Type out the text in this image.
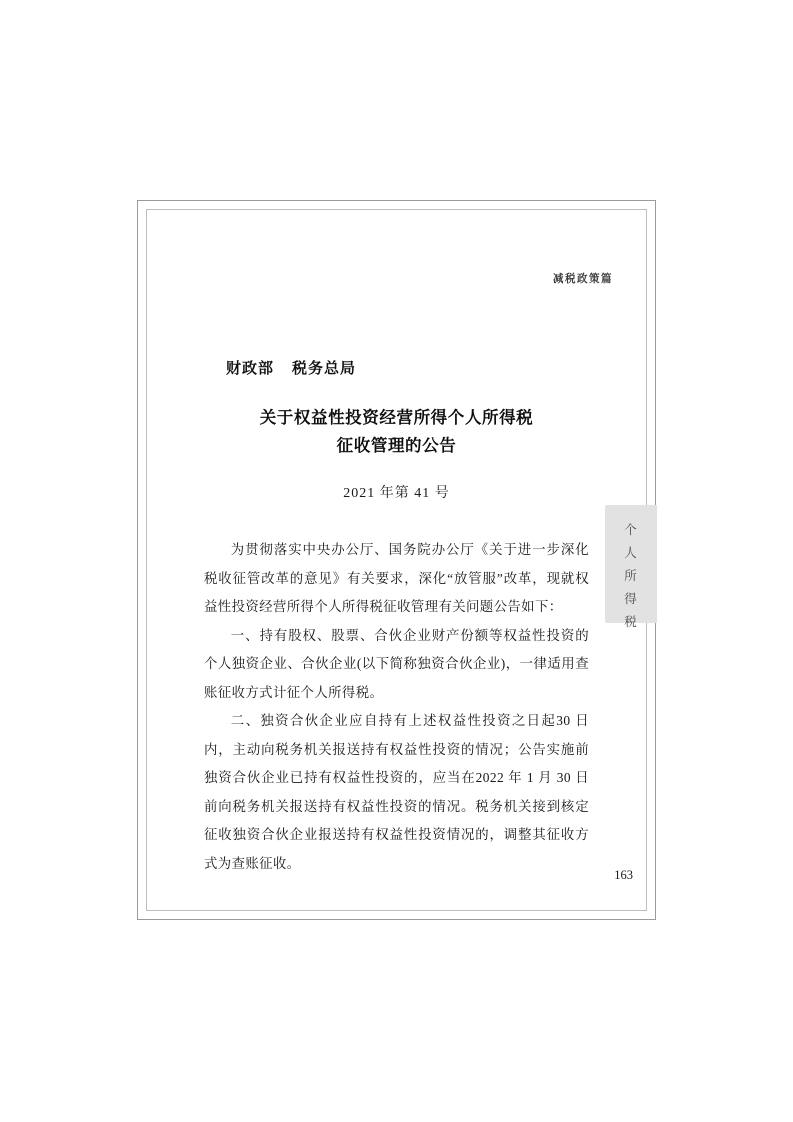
减税政策篇
财政部 税务总局
关于权益性投资经营所得个人所得税
征收管理的公告
2021 年第 41 号

为贯彻落实中央办公厅、国务院办公厅《关于进一步深化税收征管改革的意见》有关要求，深化“放管服”改革，现就权益性投资经营所得个人所得税征收管理有关问题公告如下：

一、持有股权、股票、合伙企业财产份额等权益性投资的个人独资企业、合伙企业(以下简称独资合伙企业)，一律适用查账征收方式计征个人所得税。

二、独资合伙企业应自持有上述权益性投资之日起30 日内，主动向税务机关报送持有权益性投资的情况；公告实施前独资合伙企业已持有权益性投资的，应当在2022 年 1 月 30 日前向税务机关报送持有权益性投资的情况。税务机关接到核定征收独资合伙企业报送持有权益性投资情况的，调整其征收方式为查账征收。

163
个
人
所
得
税
